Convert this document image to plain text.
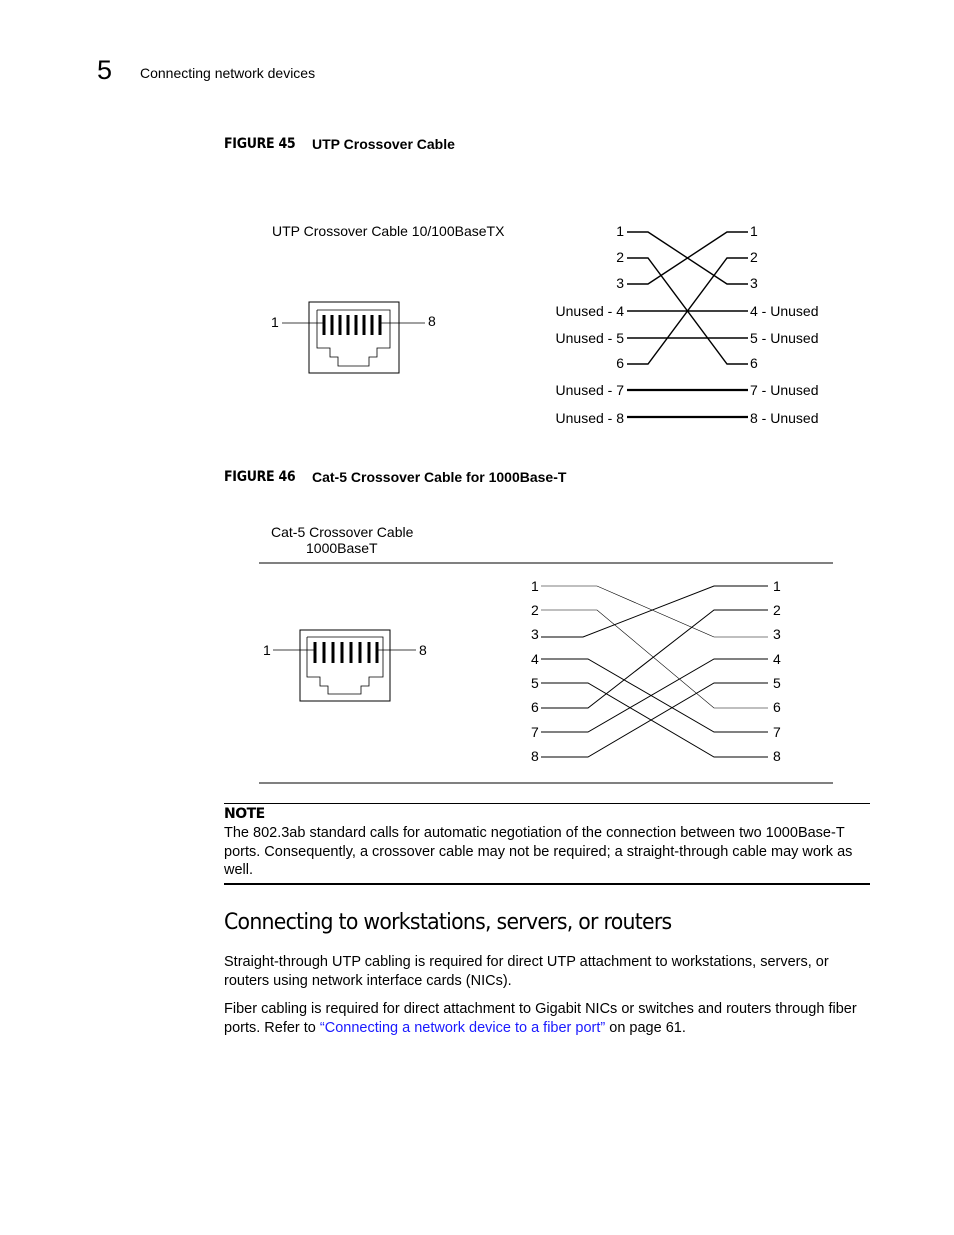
5 Connecting network devices
FIGURE 45 UTP Crossover Cable
FIGURE 46 Cat-5 Crossover Cable for 1000Base-T
UTP Crossover Cable 10/100BaseTX
1	8
1
2
3
Unused - 4
Unused - 5
6
Unused - 7
Unused - 8
1
2
3
4 - Unused
5 - Unused
6
7 - Unused
8 - Unused
Cat-5 Crossover Cable
1000BaseT
1	8
1
2
3
4
5
6
7
8
1
2
3
4
5
6
7
8
NOTE
The 802.3ab standard calls for automatic negotiation of the connection between two 1000Base-T ports. Consequently, a crossover cable may not be required; a straight-through cable may work as well.
Connecting to workstations, servers, or routers
Straight-through UTP cabling is required for direct UTP attachment to workstations, servers, or routers using network interface cards (NICs).
Fiber cabling is required for direct attachment to Gigabit NICs or switches and routers through fiber ports. Refer to “Connecting a network device to a fiber port” on page 61.
